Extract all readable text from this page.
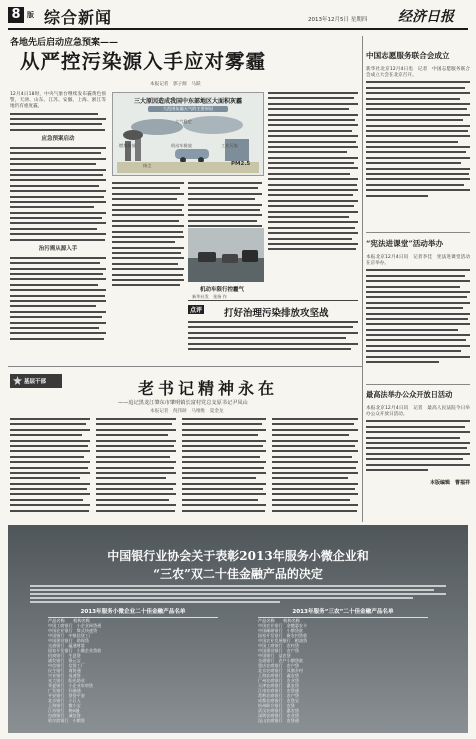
8 版 综合新闻	2013年12月5日 星期四 经济日报
各地先后启动应急预案——
从严控污染源入手应对雾霾
本报记者　郭子源　马跃
12月4日18时，中央气象台继续发布霾黄色预警，天津、山东、江苏、安徽、上海、浙江等地仍有重度霾。
应急预案启动
治污需从源入手
三大原因造成我国中东部地区大面积灰霾
大范围灰霾天气的主要原因
燃煤排放	机动车排放
大气稳定
工业污染
扬尘	PM2.5
机动车限行控霾气
新华社发　张扬 作
点评 打好治理污染排放攻坚战
中国志愿服务联合会成立
新华社北京12月4日电　记者　中国志愿服务联合会成立大会在北京召开。
“宪法进课堂”活动举办
本报北京12月4日讯　记者李佳　宪法进课堂活动在京举办。
最高法举办公众开放日活动
本报北京12月4日讯　记者　最高人民法院今日举办公众开放日活动。
本版编辑　曹福祥
基层干部	老书记精神永在
——追记黑龙江肇东市肇明镇长富村党总支原书记尹凤山
本报记者　倪伟龄　马维维　夏金龙
中国银行业协会关于表彰2013年服务小微企业和
“三农”双二十佳金融产品的决定
2013年服务小微企业二十佳金融产品名单	2013年服务“三农”二十佳金融产品名单
产品名称　　机构名称
中国工商银行　小企业网贷通
中国农业银行　简式快速贷
中国银行　中银信贷工厂
中国建设银行　助保贷
交通银行　蕴通财富
国家开发银行　小微企业贷款
招商银行　生意贷
浦发银行　银元宝
中信银行　信贷工厂
民生银行　商贷通
兴业银行　易速贷
光大银行　阳光助业
华夏银行　小企业年审贷
广发银行　好融通
平安银行　贷贷平安
北京银行　小巨人
上海银行　微小宝
江苏银行　税e融
包商银行　诚信贷
哈尔滨银行　小额贷
产品名称　　机构名称
中国农业银行　金穗惠农卡
中国邮储银行　小额贷款
国家开发银行　新农村贷款
中国农业发展银行　粮油贷
中国工商银行　农村贷
中国建设银行　农户贷
中国银行　益农贷
交通银行　农户小额贷款
重庆农商银行　农户贷
北京农商银行　凤凰乡村
上海农商银行　鑫农贷
广州农商银行　农业贷
天津农商银行　惠农贷
江南农商银行　农贷通
常熟农商银行　农户贷
成都农商银行　农贷宝
杭州联合银行　农贷
武汉农商银行　惠农贷
深圳农商银行　农业贷
昆山农商银行　农贷通
